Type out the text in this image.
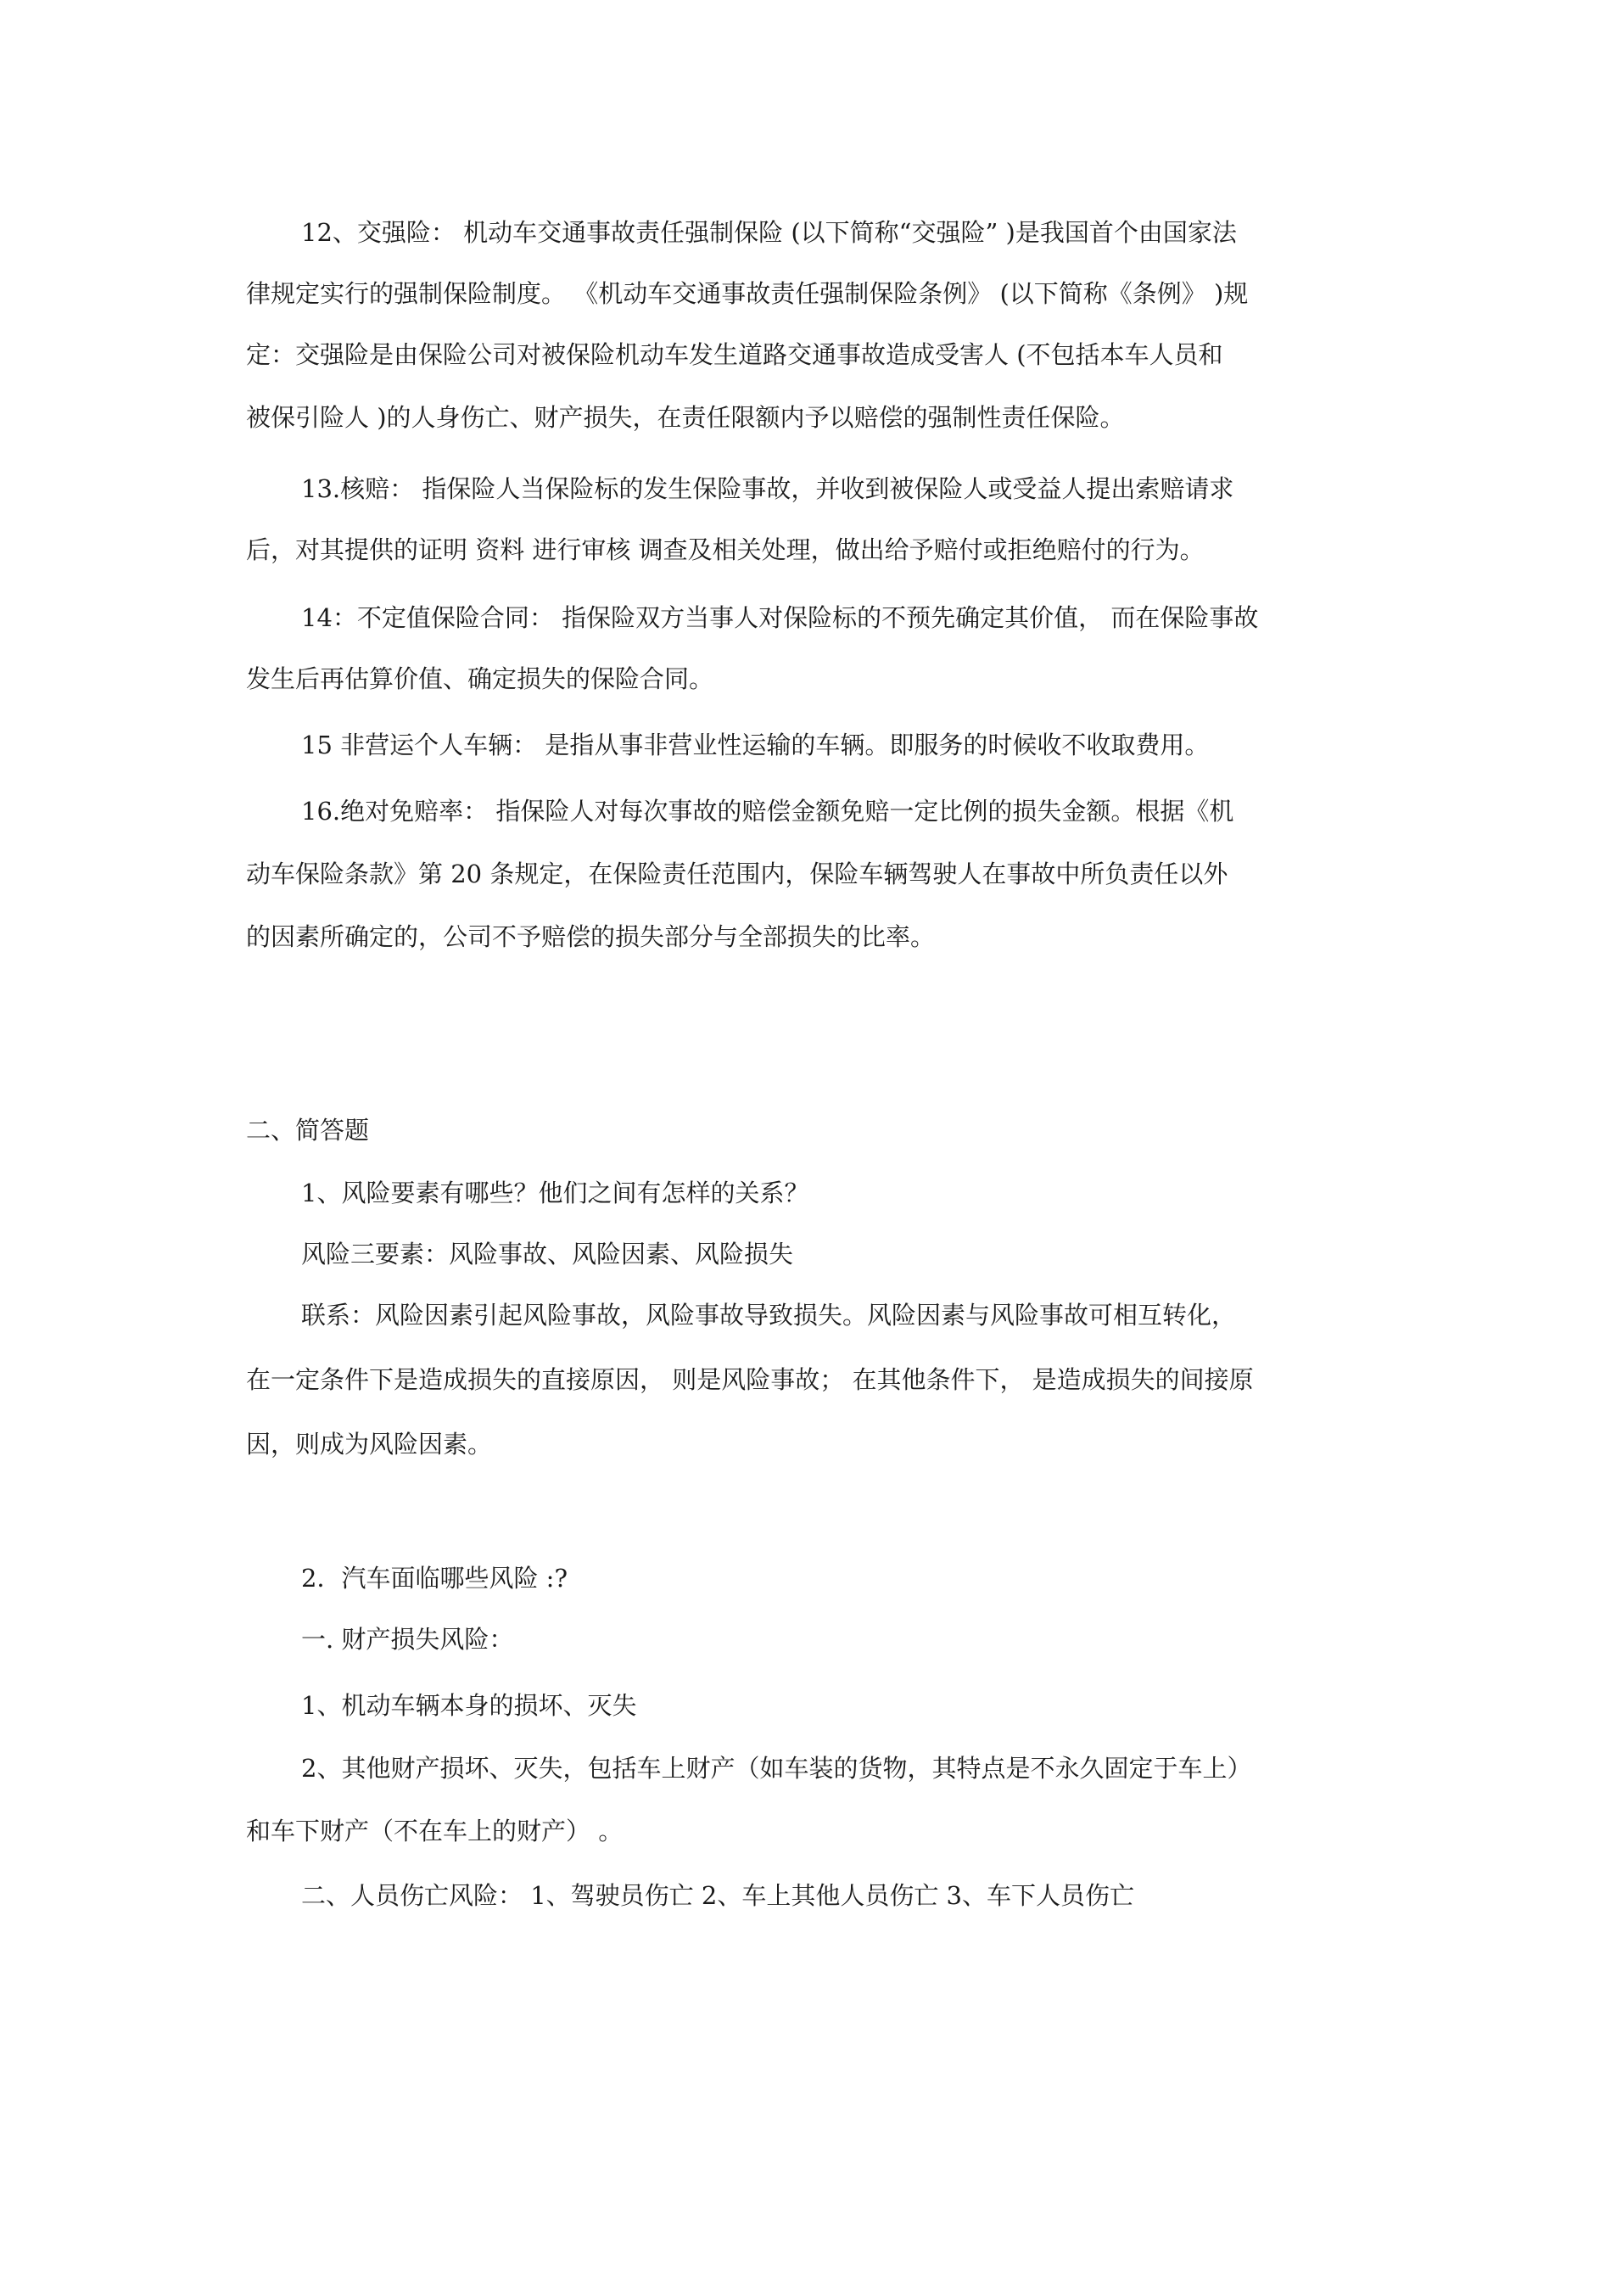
12、交强险： 机动车交通事故责任强制保险 (以下简称“交强险” )是我国首个由国家法
律规定实行的强制保险制度。 《机动车交通事故责任强制保险条例》 (以下简称《条例》 )规
定：交强险是由保险公司对被保险机动车发生道路交通事故造成受害人 (不包括本车人员和
被保引险人 )的人身伤亡、财产损失，在责任限额内予以赔偿的强制性责任保险。
13.核赔： 指保险人当保险标的发生保险事故，并收到被保险人或受益人提出索赔请求
后，对其提供的证明 资料 进行审核 调查及相关处理，做出给予赔付或拒绝赔付的行为。
14：不定值保险合同： 指保险双方当事人对保险标的不预先确定其价值， 而在保险事故
发生后再估算价值、确定损失的保险合同。
15 非营运个人车辆： 是指从事非营业性运输的车辆。即服务的时候收不收取费用。
16.绝对免赔率： 指保险人对每次事故的赔偿金额免赔一定比例的损失金额。根据《机
动车保险条款》第 20 条规定，在保险责任范围内，保险车辆驾驶人在事故中所负责任以外
的因素所确定的，公司不予赔偿的损失部分与全部损失的比率。
二、简答题
1、风险要素有哪些？他们之间有怎样的关系？
风险三要素：风险事故、风险因素、风险损失
联系：风险因素引起风险事故，风险事故导致损失。风险因素与风险事故可相互转化，
在一定条件下是造成损失的直接原因， 则是风险事故； 在其他条件下， 是造成损失的间接原
因，则成为风险因素。
2．汽车面临哪些风险 :?
一. 财产损失风险：
1、机动车辆本身的损坏、灭失
2、其他财产损坏、灭失，包括车上财产（如车装的货物，其特点是不永久固定于车上）
和车下财产（不在车上的财产） 。
二、人员伤亡风险： 1、驾驶员伤亡 2、车上其他人员伤亡 3、车下人员伤亡
